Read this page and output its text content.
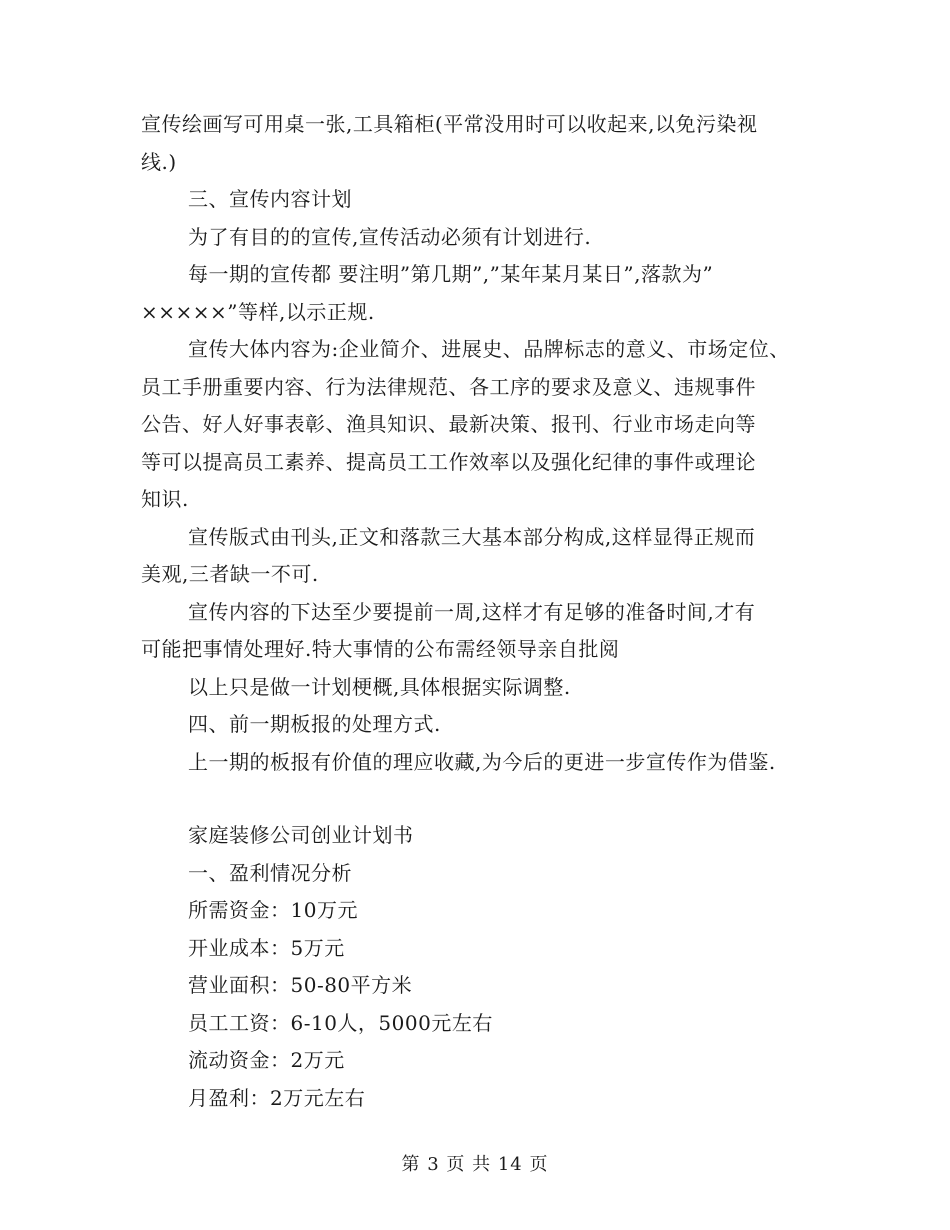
宣传绘画写可用桌一张,工具箱柜(平常没用时可以收起来,以免污染视
线.)
三、宣传内容计划
为了有目的的宣传,宣传活动必须有计划进行.
每一期的宣传都 要注明”第几期”,”某年某月某日”,落款为”
×××××”等样,以示正规.
宣传大体内容为:企业简介、进展史、品牌标志的意义、市场定位、
员工手册重要内容、行为法律规范、各工序的要求及意义、违规事件
公告、好人好事表彰、渔具知识、最新决策、报刊、行业市场走向等
等可以提高员工素养、提高员工工作效率以及强化纪律的事件或理论
知识.
宣传版式由刊头,正文和落款三大基本部分构成,这样显得正规而
美观,三者缺一不可.
宣传内容的下达至少要提前一周,这样才有足够的准备时间,才有
可能把事情处理好.特大事情的公布需经领导亲自批阅
以上只是做一计划梗概,具体根据实际调整.
四、前一期板报的处理方式.
上一期的板报有价值的理应收藏,为今后的更进一步宣传作为借鉴.
家庭装修公司创业计划书
一、盈利情况分析
所需资金：10万元
开业成本：5万元
营业面积：50-80平方米
员工工资：6-10人，5000元左右
流动资金：2万元
月盈利：2万元左右
第 3 页 共 14 页
